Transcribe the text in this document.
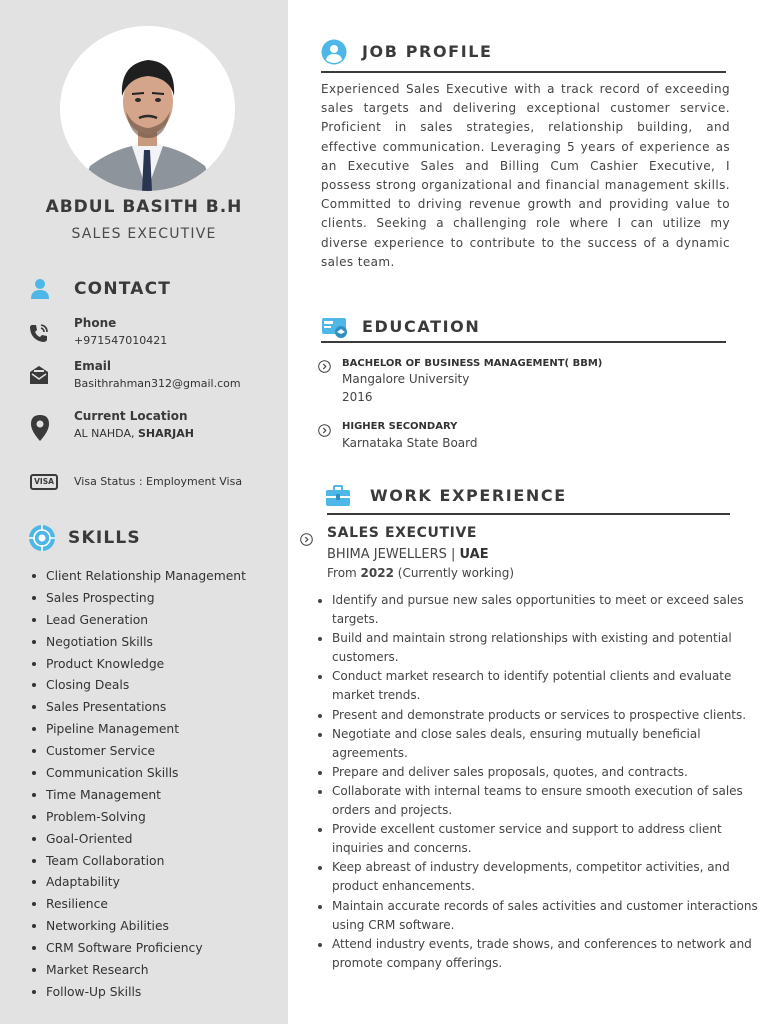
ABDUL BASITH B.H
SALES EXECUTIVE
CONTACT
Phone
+971547010421
Email
Basithrahman312@gmail.com
Current Location
AL NAHDA, SHARJAH
VISA	Visa Status : Employment Visa
SKILLS
Client Relationship Management
Sales Prospecting
Lead Generation
Negotiation Skills
Product Knowledge
Closing Deals
Sales Presentations
Pipeline Management
Customer Service
Communication Skills
Time Management
Problem-Solving
Goal-Oriented
Team Collaboration
Adaptability
Resilience
Networking Abilities
CRM Software Proficiency
Market Research
Follow-Up Skills
JOB PROFILE
Experienced Sales Executive with a track record of exceeding sales targets and delivering exceptional customer service. Proficient in sales strategies, relationship building, and effective communication. Leveraging 5 years of experience as an Executive Sales and Billing Cum Cashier Executive, I possess strong organizational and financial management skills. Committed to driving revenue growth and providing value to clients. Seeking a challenging role where I can utilize my diverse experience to contribute to the success of a dynamic sales team.
EDUCATION
BACHELOR OF BUSINESS MANAGEMENT( BBM)
Mangalore University
2016
HIGHER SECONDARY
Karnataka State Board
WORK EXPERIENCE
SALES EXECUTIVE
BHIMA JEWELLERS | UAE
From 2022 (Currently working)
Identify and pursue new sales opportunities to meet or exceed sales targets.
Build and maintain strong relationships with existing and potential customers.
Conduct market research to identify potential clients and evaluate market trends.
Present and demonstrate products or services to prospective clients.
Negotiate and close sales deals, ensuring mutually beneficial agreements.
Prepare and deliver sales proposals, quotes, and contracts.
Collaborate with internal teams to ensure smooth execution of sales orders and projects.
Provide excellent customer service and support to address client inquiries and concerns.
Keep abreast of industry developments, competitor activities, and product enhancements.
Maintain accurate records of sales activities and customer interactions using CRM software.
Attend industry events, trade shows, and conferences to network and promote company offerings.
